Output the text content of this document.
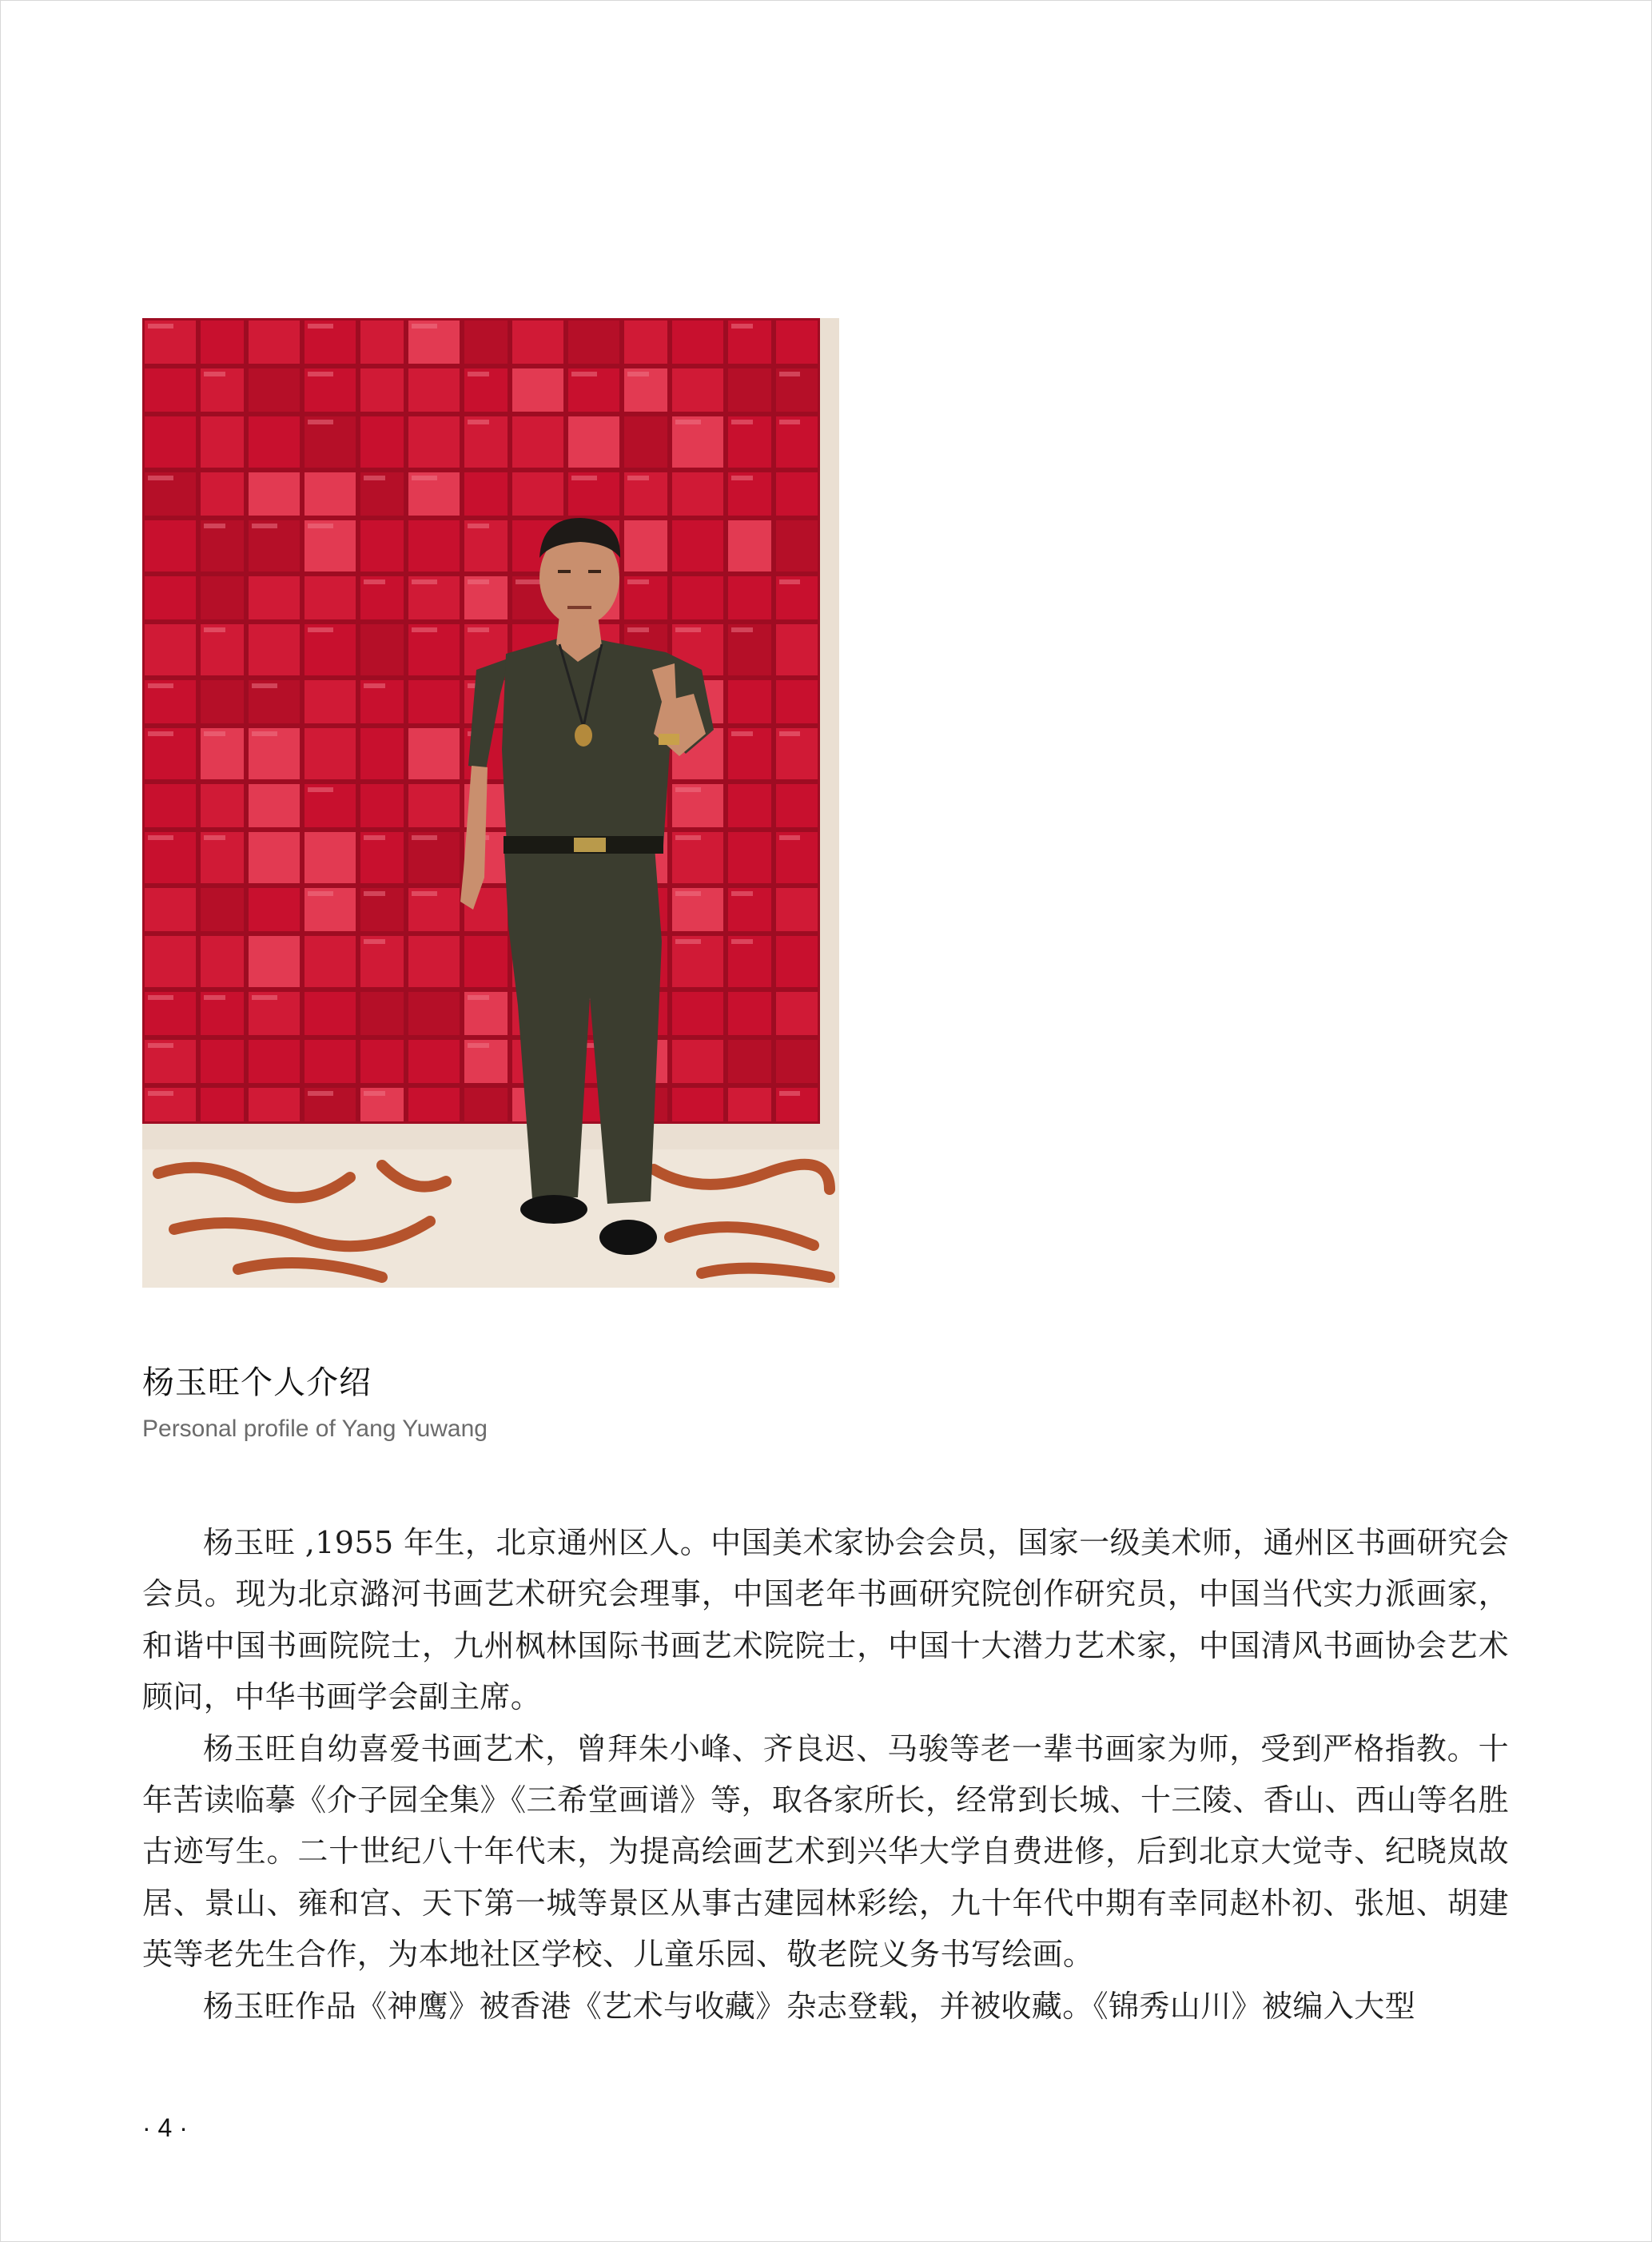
杨玉旺个人介绍
Personal profile of Yang Yuwang

杨玉旺 ,1955 年生，北京通州区人。中国美术家协会会员，国家一级美术师，通州区书画研究会会员。现为北京潞河书画艺术研究会理事，中国老年书画研究院创作研究员，中国当代实力派画家，和谐中国书画院院士，九州枫林国际书画艺术院院士，中国十大潜力艺术家，中国清风书画协会艺术顾问，中华书画学会副主席。

杨玉旺自幼喜爱书画艺术，曾拜朱小峰、齐良迟、马骏等老一辈书画家为师，受到严格指教。十年苦读临摹《介子园全集》《三希堂画谱》等，取各家所长，经常到长城、十三陵、香山、西山等名胜古迹写生。二十世纪八十年代末，为提高绘画艺术到兴华大学自费进修，后到北京大觉寺、纪晓岚故居、景山、雍和宫、天下第一城等景区从事古建园林彩绘，九十年代中期有幸同赵朴初、张旭、胡建英等老先生合作，为本地社区学校、儿童乐园、敬老院义务书写绘画。

杨玉旺作品《神鹰》被香港《艺术与收藏》杂志登载，并被收藏。《锦秀山川》被编入大型

· 4 ·
